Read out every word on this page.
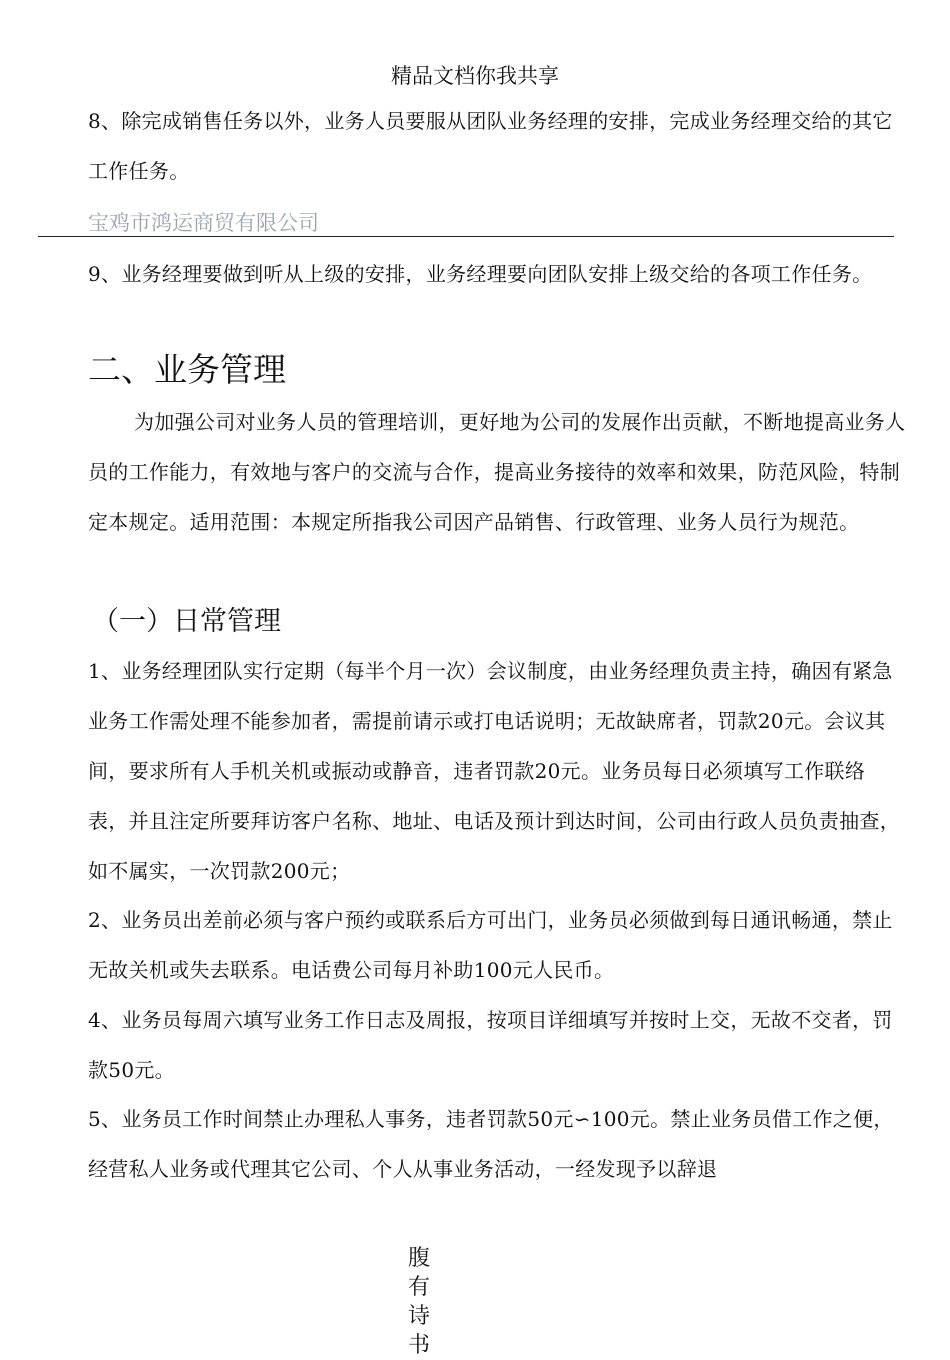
精品文档你我共享

8、除完成销售任务以外，业务人员要服从团队业务经理的安排，完成业务经理交给的其它工作任务。

宝鸡市鸿运商贸有限公司

9、业务经理要做到听从上级的安排，业务经理要向团队安排上级交给的各项工作任务。

二、业务管理

为加强公司对业务人员的管理培训，更好地为公司的发展作出贡献，不断地提高业务人员的工作能力，有效地与客户的交流与合作，提高业务接待的效率和效果，防范风险，特制定本规定。适用范围：本规定所指我公司因产品销售、行政管理、业务人员行为规范。

（一）日常管理

1、业务经理团队实行定期（每半个月一次）会议制度，由业务经理负责主持，确因有紧急业务工作需处理不能参加者，需提前请示或打电话说明；无故缺席者，罚款20元。会议其间，要求所有人手机关机或振动或静音，违者罚款20元。业务员每日必须填写工作联络表，并且注定所要拜访客户名称、地址、电话及预计到达时间，公司由行政人员负责抽查，如不属实，一次罚款200元；

2、业务员出差前必须与客户预约或联系后方可出门，业务员必须做到每日通讯畅通，禁止无故关机或失去联系。电话费公司每月补助100元人民币。

4、业务员每周六填写业务工作日志及周报，按项目详细填写并按时上交，无故不交者，罚款50元。

5、业务员工作时间禁止办理私人事务，违者罚款50元∽100元。禁止业务员借工作之便，经营私人业务或代理其它公司、个人从事业务活动，一经发现予以辞退

腹
有
诗
书
